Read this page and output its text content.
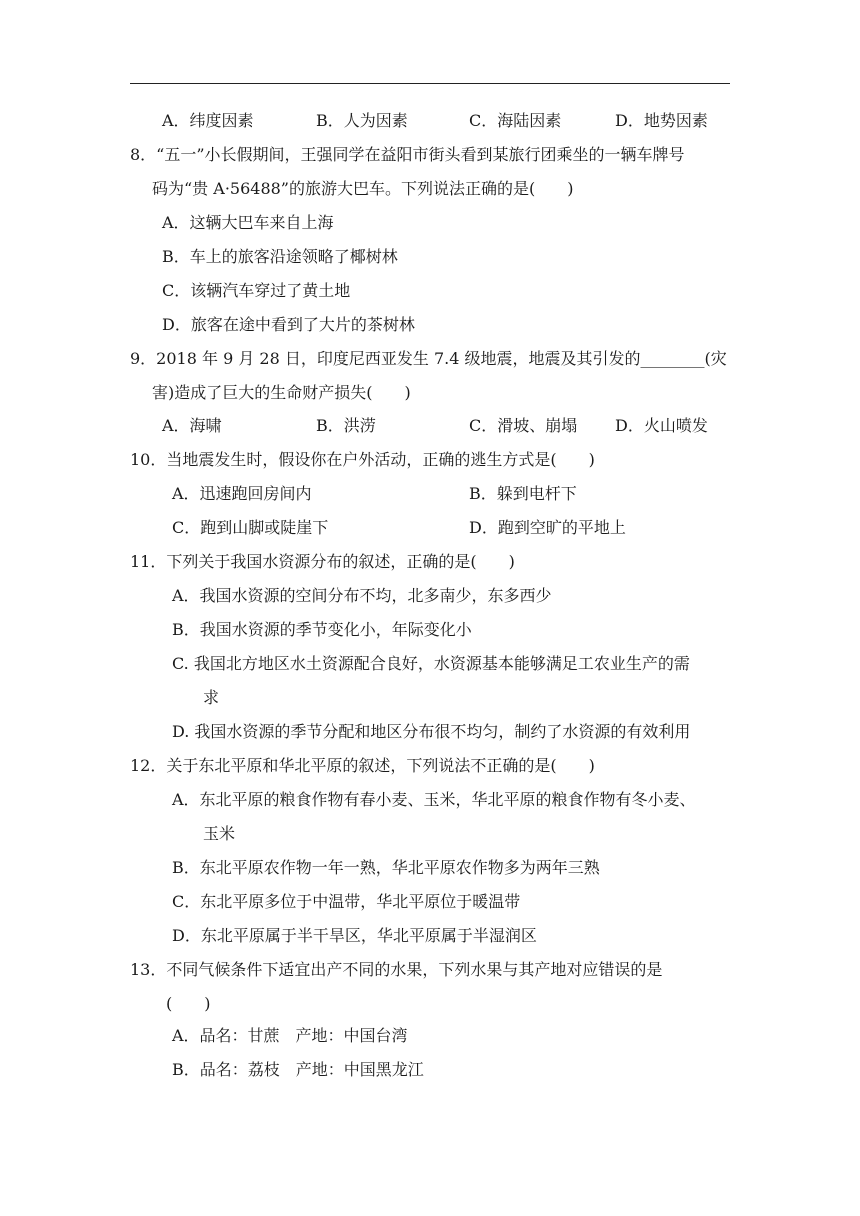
A．纬度因素	B．人为因素	C．海陆因素	D．地势因素
8．“五一”小长假期间，王强同学在益阳市街头看到某旅行团乘坐的一辆车牌号
码为“贵 A·56488”的旅游大巴车。下列说法正确的是(　　)
A．这辆大巴车来自上海
B．车上的旅客沿途领略了椰树林
C．该辆汽车穿过了黄土地
D．旅客在途中看到了大片的茶树林
9．2018 年 9 月 28 日，印度尼西亚发生 7.4 级地震，地震及其引发的________(灾
害)造成了巨大的生命财产损失(　　)
A．海啸	B．洪涝	C．滑坡、崩塌 D．火山喷发
10．当地震发生时，假设你在户外活动，正确的逃生方式是(　　)
A．迅速跑回房间内	B．躲到电杆下
C．跑到山脚或陡崖下	D．跑到空旷的平地上
11．下列关于我国水资源分布的叙述，正确的是(　　)
A．我国水资源的空间分布不均，北多南少，东多西少
B．我国水资源的季节变化小，年际变化小
C. 我国北方地区水土资源配合良好，水资源基本能够满足工农业生产的需
求
D. 我国水资源的季节分配和地区分布很不均匀，制约了水资源的有效利用
12．关于东北平原和华北平原的叙述，下列说法不正确的是(　　)
A．东北平原的粮食作物有春小麦、玉米，华北平原的粮食作物有冬小麦、
玉米
B．东北平原农作物一年一熟，华北平原农作物多为两年三熟
C．东北平原多位于中温带，华北平原位于暖温带
D．东北平原属于半干旱区，华北平原属于半湿润区
13．不同气候条件下适宜出产不同的水果，下列水果与其产地对应错误的是
(　　)
A．品名：甘蔗　产地：中国台湾
B．品名：荔枝　产地：中国黑龙江
